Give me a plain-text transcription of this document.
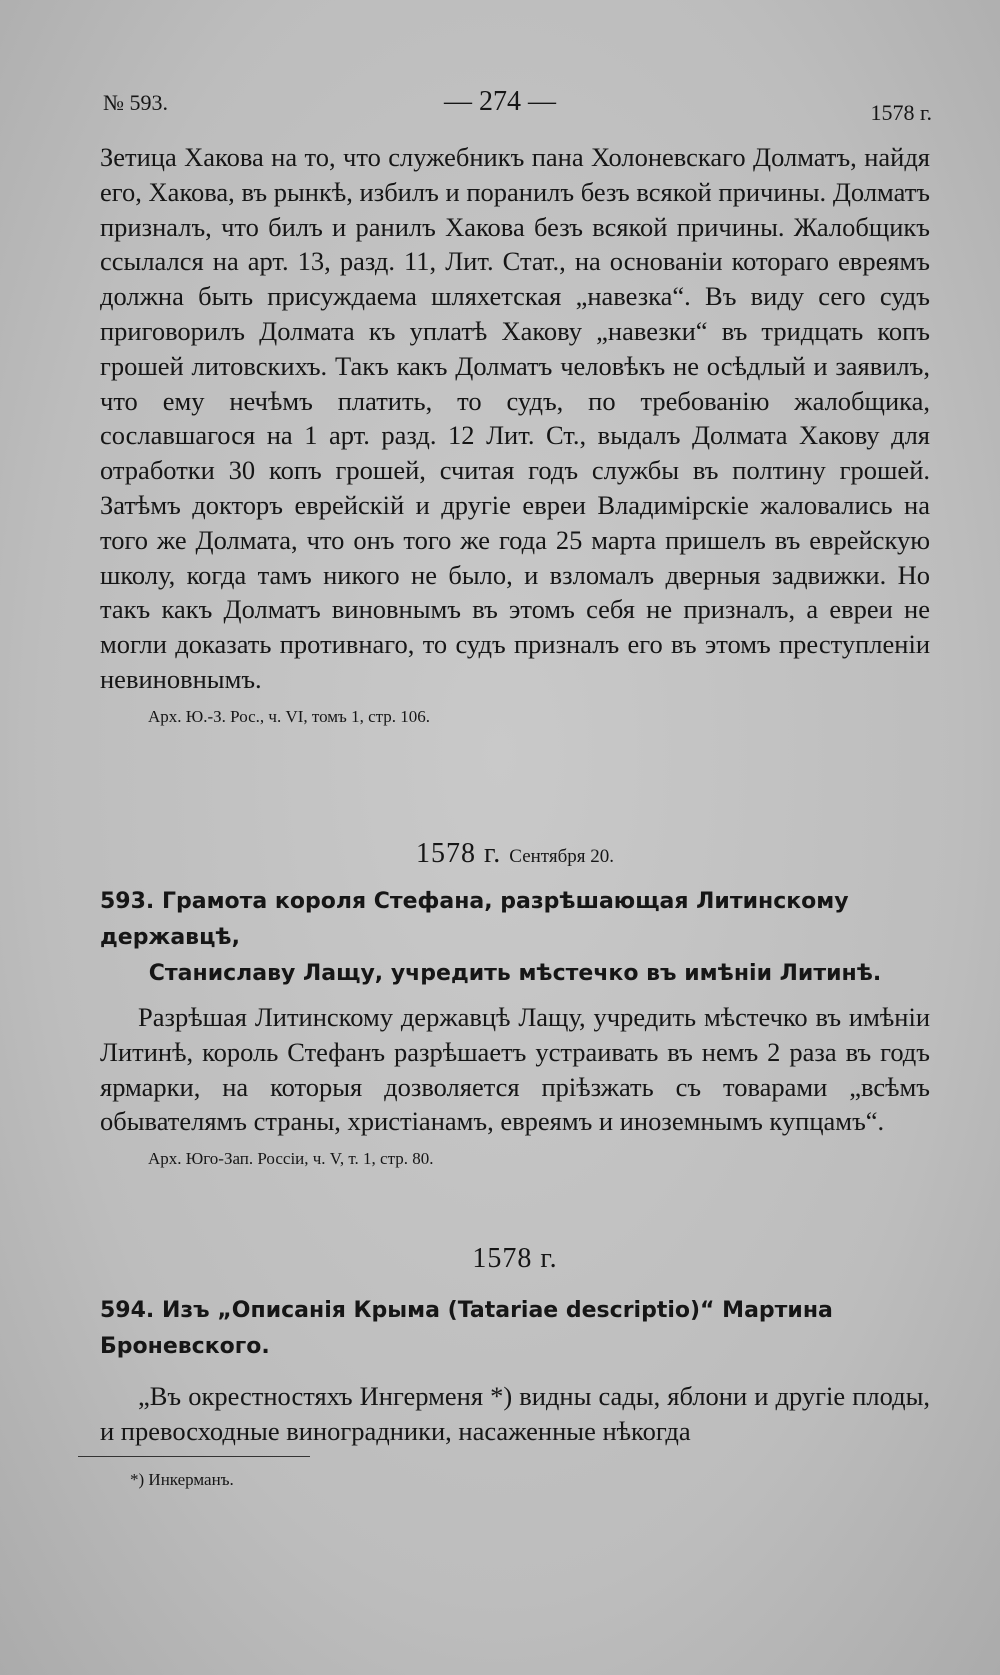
№ 593.	— 274 —	1578 г.

Зетица Хакова на то, что служебникъ пана Холоневскаго Долматъ, найдя его, Хакова, въ рынкѣ, избилъ и поранилъ безъ всякой причины. Долматъ призналъ, что билъ и ранилъ Хакова безъ всякой причины. Жалобщикъ ссылался на арт. 13, разд. 11, Лит. Стат., на основаніи котораго евреямъ должна быть присуждаема шляхетская „навезка“. Въ виду сего судъ приговорилъ Долмата къ уплатѣ Хакову „навезки“ въ тридцать копъ грошей литовскихъ. Такъ какъ Долматъ человѣкъ не осѣдлый и заявилъ, что ему нечѣмъ платить, то судъ, по требованію жалобщика, сославшагося на 1 арт. разд. 12 Лит. Ст., выдалъ Долмата Хакову для отработки 30 копъ грошей, считая годъ службы въ полтину грошей. Затѣмъ докторъ еврейскій и другіе евреи Владимірскіе жаловались на того же Долмата, что онъ того же года 25 марта пришелъ въ еврейскую школу, когда тамъ никого не было, и взломалъ дверныя задвижки. Но такъ какъ Долматъ виновнымъ въ этомъ себя не призналъ, а евреи не могли доказать противнаго, то судъ призналъ его въ этомъ преступленіи невиновнымъ.

Арх. Ю.-З. Рос., ч. VI, томъ 1, стр. 106.
1578 г. Сентября 20.

593. Грамота короля Стефана, разрѣшающая Литинскому державцѣ,
Станиславу Лащу, учредить мѣстечко въ имѣніи Литинѣ.

Разрѣшая Литинскому державцѣ Лащу, учредить мѣстечко въ имѣніи Литинѣ, король Стефанъ разрѣшаетъ устраивать въ немъ 2 раза въ годъ ярмарки, на которыя дозволяется пріѣзжать съ товарами „всѣмъ обывателямъ страны, христіанамъ, евреямъ и иноземнымъ купцамъ“.

Арх. Юго-Зап. Россіи, ч. V, т. 1, стр. 80.
1578 г.

594. Изъ „Описанія Крыма (Tatariae descriptio)“ Мартина Броневского.

„Въ окрестностяхъ Ингерменя *) видны сады, яблони и другіе плоды, и превосходные виноградники, насаженные нѣкогда

*) Инкерманъ.
